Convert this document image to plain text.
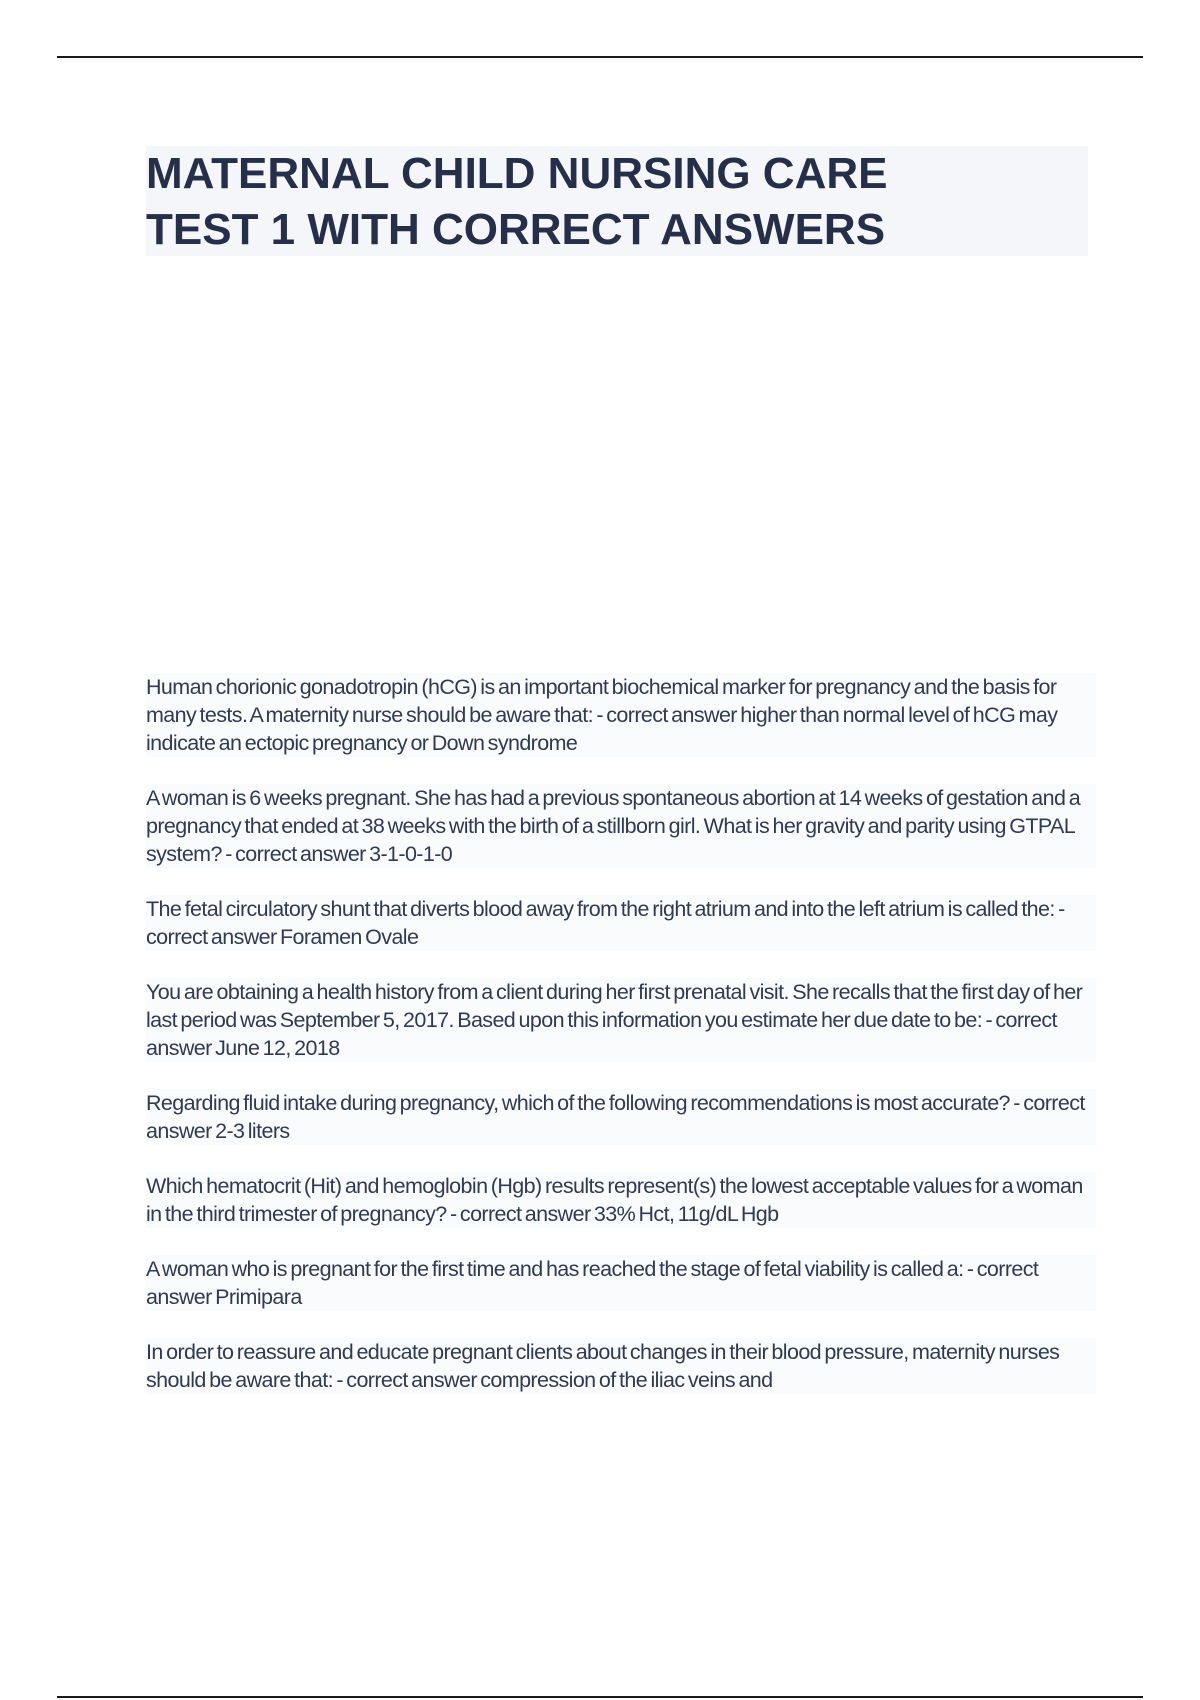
MATERNAL CHILD NURSING CARE
TEST 1 WITH CORRECT ANSWERS

Human chorionic gonadotropin (hCG) is an important biochemical marker for pregnancy and the basis for many tests. A maternity nurse should be aware that: - correct answer higher than normal level of hCG may indicate an ectopic pregnancy or Down syndrome

A woman is 6 weeks pregnant. She has had a previous spontaneous abortion at 14 weeks of gestation and a pregnancy that ended at 38 weeks with the birth of a stillborn girl. What is her gravity and parity using GTPAL system? - correct answer 3-1-0-1-0

The fetal circulatory shunt that diverts blood away from the right atrium and into the left atrium is called the: - correct answer Foramen Ovale

You are obtaining a health history from a client during her first prenatal visit. She recalls that the first day of her last period was September 5, 2017. Based upon this information you estimate her due date to be: - correct answer June 12, 2018

Regarding fluid intake during pregnancy, which of the following recommendations is most accurate? - correct answer 2-3 liters

Which hematocrit (Hit) and hemoglobin (Hgb) results represent(s) the lowest acceptable values for a woman in the third trimester of pregnancy? - correct answer 33% Hct, 11g/dL Hgb

A woman who is pregnant for the first time and has reached the stage of fetal viability is called a: - correct answer Primipara

In order to reassure and educate pregnant clients about changes in their blood pressure, maternity nurses should be aware that: - correct answer compression of the iliac veins and
